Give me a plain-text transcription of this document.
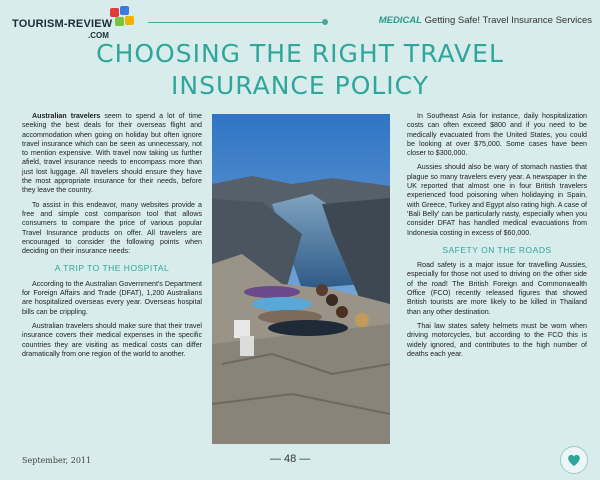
TOURISM-REVIEW
.COM
MEDICAL Getting Safe! Travel Insurance Services
CHOOSING THE RIGHT TRAVEL
INSURANCE POLICY

Australian travelers seem to spend a lot of time seeking the best deals for their overseas flight and accommodation when going on holiday but often ignore travel insurance which can be seen as unnecessary, not to mention expensive. With travel now taking us further afield, travel insurance needs to encompass more than just lost luggage. All travelers should ensure they have the most appropriate insurance for their needs, before they leave the country.

To assist in this endeavor, many websites provide a free and simple cost comparison tool that allows consumers to compare the price of various popular Travel Insurance products on offer. All travelers are encouraged to consider the following points when deciding on their insurance needs:

A TRIP TO THE HOSPITAL

According to the Australian Government's Department for Foreign Affairs and Trade (DFAT), 1,200 Australians are hospitalized overseas every year. Overseas hospital bills can be crippling.

Australian travelers should make sure that their travel insurance covers their medical expenses in the specific countries they are visiting as medical costs can differ dramatically from one region of the world to another.

In Southeast Asia for instance, daily hospitalization costs can often exceed $800 and if you need to be medically evacuated from the United States, you could be looking at over $75,000. Some cases have been closer to $300,000.

Aussies should also be wary of stomach nasties that plague so many travelers every year. A newspaper in the UK reported that almost one in four British travelers experienced food poisoning when holidaying in Spain, with Greece, Turkey and Egypt also rating high. A case of 'Bali Belly' can be particularly nasty, especially when you consider DFAT has handled medical evacuations from Indonesia costing in excess of $60,000.

SAFETY ON THE ROADS

Road safety is a major issue for travelling Aussies, especially for those not used to driving on the other side of the road! The British Foreign and Commonwealth Office (FCO) recently released figures that showed British tourists are more likely to be killed in Thailand than any other destination.

Thai law states safety helmets must be worn when driving motorcycles, but according to the FCO this is widely ignored, and contributes to the high number of deaths each year.

September, 2011	— 48 —
